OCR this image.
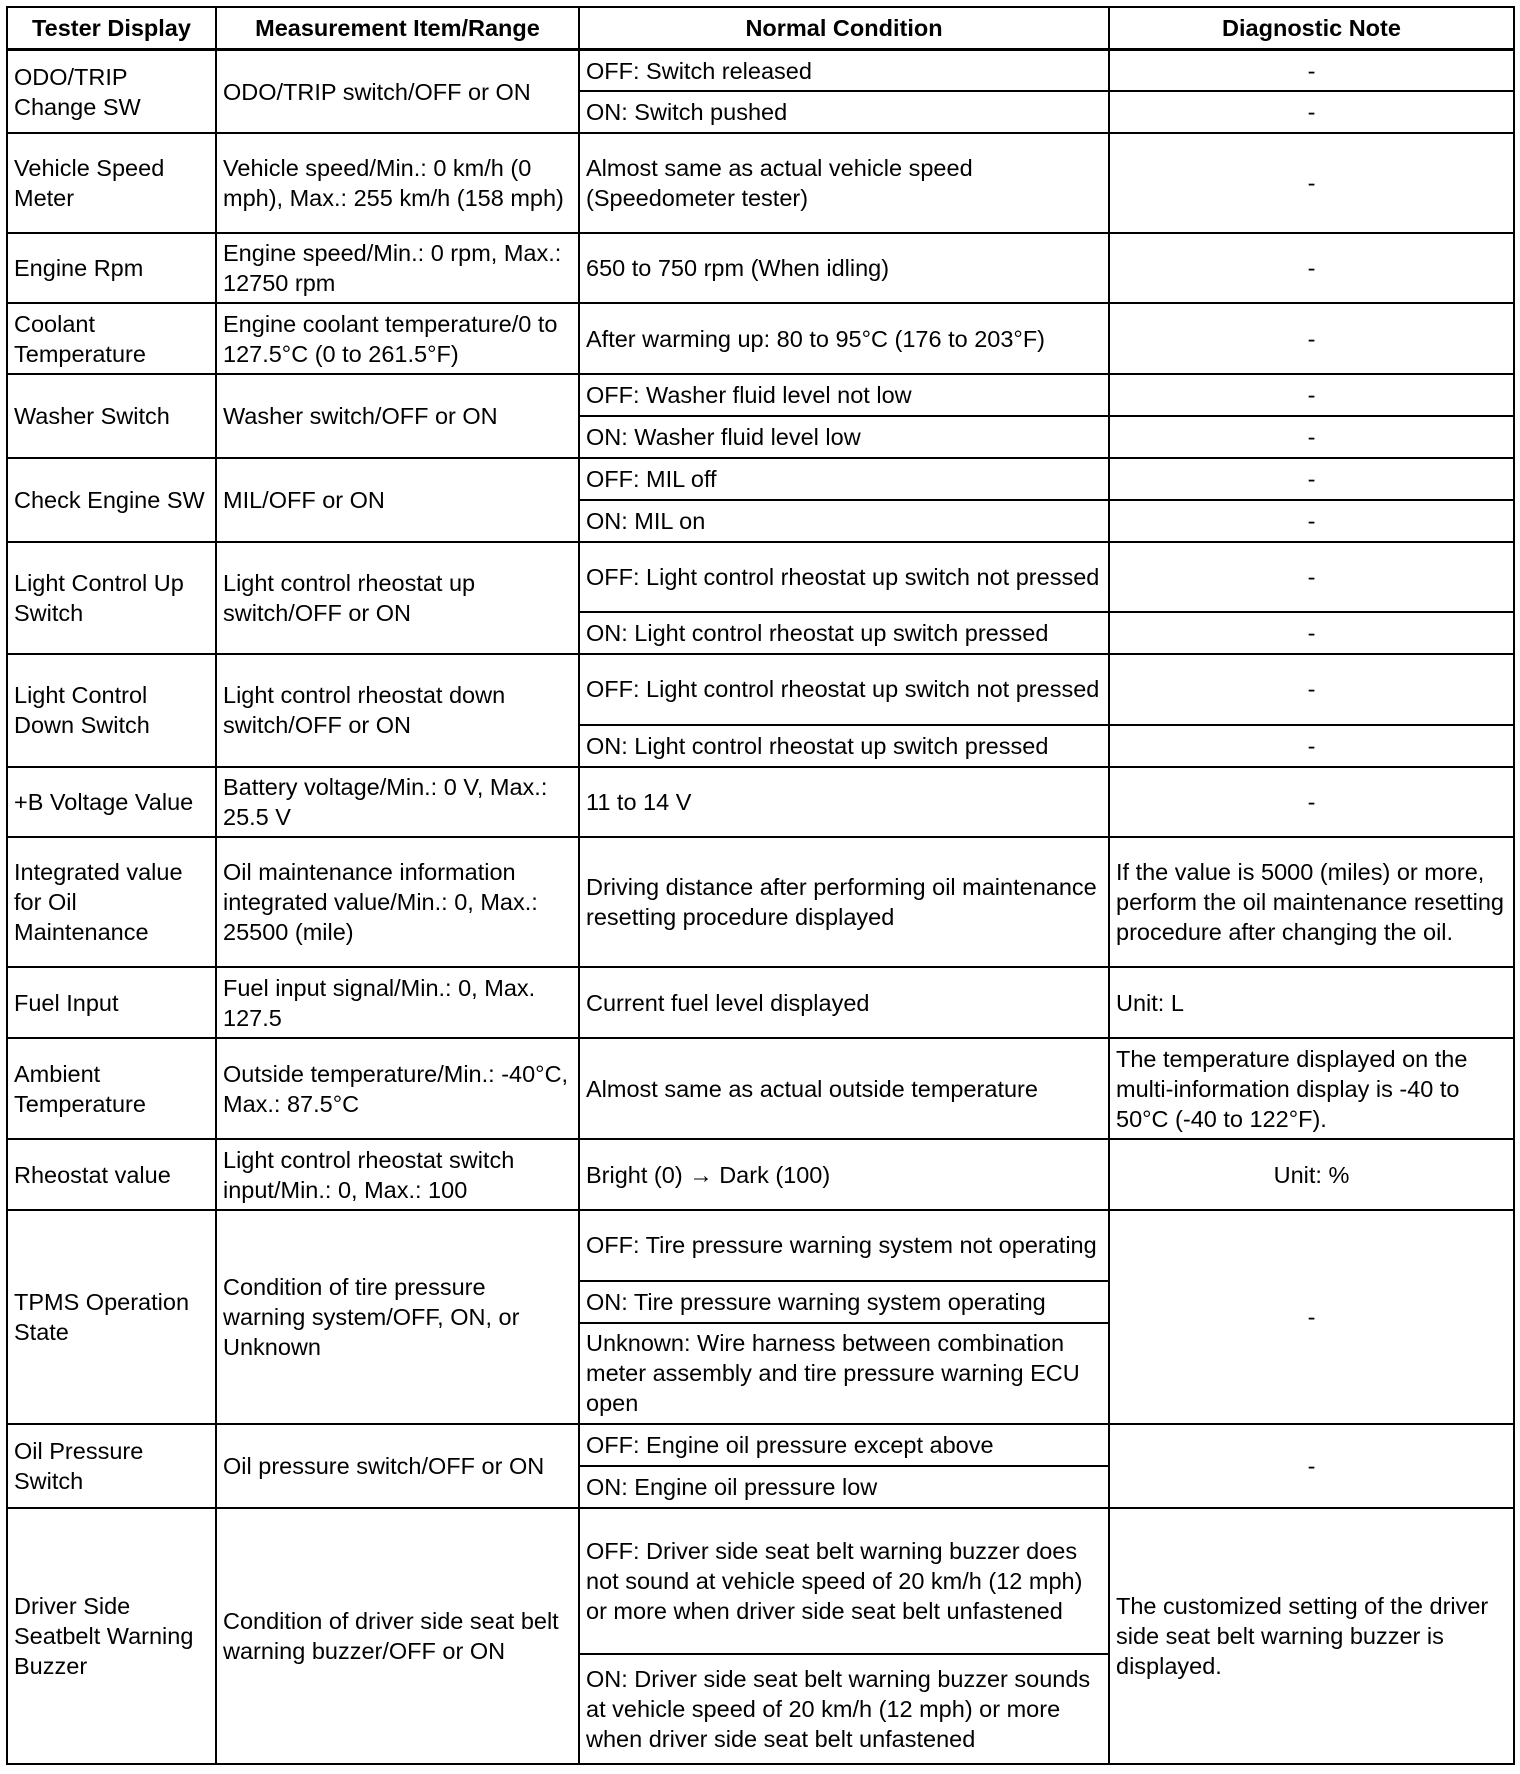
Tester Display	Measurement Item/Range	Normal Condition	Diagnostic Note
ODO/TRIP Change SW	ODO/TRIP switch/OFF or ON	OFF: Switch released	-
		ON: Switch pushed	-
Vehicle Speed Meter	Vehicle speed/Min.: 0 km/h (0 mph), Max.: 255 km/h (158 mph)	Almost same as actual vehicle speed (Speedometer tester)	-
Engine Rpm	Engine speed/Min.: 0 rpm, Max.: 12750 rpm	650 to 750 rpm (When idling)	-
Coolant Temperature	Engine coolant temperature/0 to 127.5°C (0 to 261.5°F)	After warming up: 80 to 95°C (176 to 203°F)	-
Washer Switch	Washer switch/OFF or ON	OFF: Washer fluid level not low	-
		ON: Washer fluid level low	-
Check Engine SW	MIL/OFF or ON	OFF: MIL off	-
		ON: MIL on	-
Light Control Up Switch	Light control rheostat up switch/OFF or ON	OFF: Light control rheostat up switch not pressed	-
		ON: Light control rheostat up switch pressed	-
Light Control Down Switch	Light control rheostat down switch/OFF or ON	OFF: Light control rheostat up switch not pressed	-
		ON: Light control rheostat up switch pressed	-
+B Voltage Value	Battery voltage/Min.: 0 V, Max.: 25.5 V	11 to 14 V	-
Integrated value for Oil Maintenance	Oil maintenance information integrated value/Min.: 0, Max.: 25500 (mile)	Driving distance after performing oil maintenance resetting procedure displayed	If the value is 5000 (miles) or more, perform the oil maintenance resetting procedure after changing the oil.
Fuel Input	Fuel input signal/Min.: 0, Max. 127.5	Current fuel level displayed	Unit: L
Ambient Temperature	Outside temperature/Min.: -40°C, Max.: 87.5°C	Almost same as actual outside temperature	The temperature displayed on the multi-information display is -40 to 50°C (-40 to 122°F).
Rheostat value	Light control rheostat switch input/Min.: 0, Max.: 100	Bright (0) → Dark (100)	Unit: %
TPMS Operation State	Condition of tire pressure warning system/OFF, ON, or Unknown	OFF: Tire pressure warning system not operating	-
		ON: Tire pressure warning system operating	
		Unknown: Wire harness between combination meter assembly and tire pressure warning ECU open	
Oil Pressure Switch	Oil pressure switch/OFF or ON	OFF: Engine oil pressure except above	-
		ON: Engine oil pressure low	
Driver Side Seatbelt Warning Buzzer	Condition of driver side seat belt warning buzzer/OFF or ON	OFF: Driver side seat belt warning buzzer does not sound at vehicle speed of 20 km/h (12 mph) or more when driver side seat belt unfastened	The customized setting of the driver side seat belt warning buzzer is displayed.
		ON: Driver side seat belt warning buzzer sounds at vehicle speed of 20 km/h (12 mph) or more when driver side seat belt unfastened	
